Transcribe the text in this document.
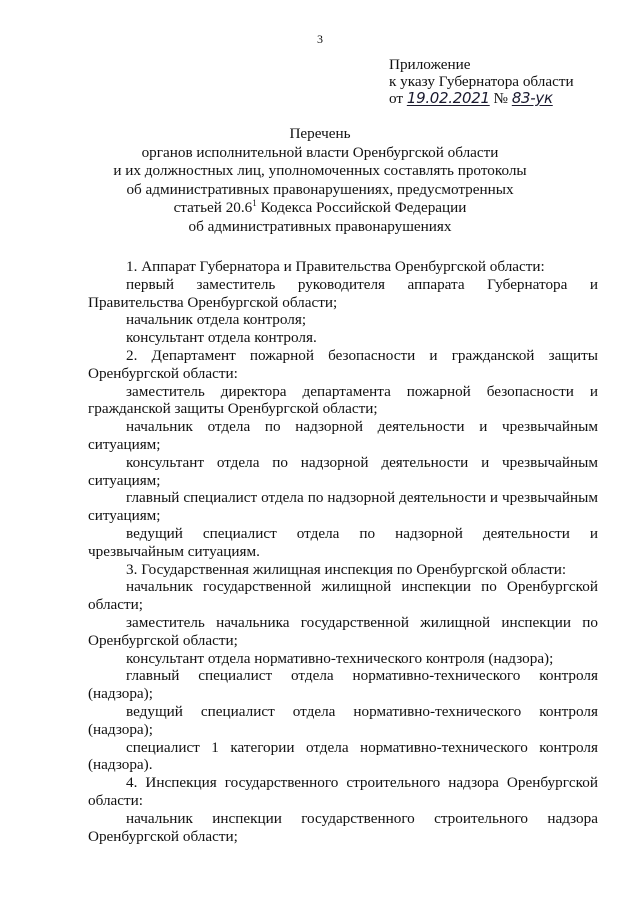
3
Приложение
к указу Губернатора области
от 19.02.2021 № 83-ук
Перечень
органов исполнительной власти Оренбургской области
и их должностных лиц, уполномоченных составлять протоколы
об административных правонарушениях, предусмотренных
статьей 20.6$^1$ Кодекса Российской Федерации
об административных правонарушениях

1. Аппарат Губернатора и Правительства Оренбургской области:

первый заместитель руководителя аппарата Губернатора и Правительства Оренбургской области;

начальник отдела контроля;

консультант отдела контроля.

2. Департамент пожарной безопасности и гражданской защиты Оренбургской области:

заместитель директора департамента пожарной безопасности и гражданской защиты Оренбургской области;

начальник отдела по надзорной деятельности и чрезвычайным ситуациям;

консультант отдела по надзорной деятельности и чрезвычайным ситуациям;

главный специалист отдела по надзорной деятельности и чрезвычайным ситуациям;

ведущий специалист отдела по надзорной деятельности и чрезвычайным ситуациям.

3. Государственная жилищная инспекция по Оренбургской области:

начальник государственной жилищной инспекции по Оренбургской области;

заместитель начальника государственной жилищной инспекции по Оренбургской области;

консультант отдела нормативно-технического контроля (надзора);

главный специалист отдела нормативно-технического контроля (надзора);

ведущий специалист отдела нормативно-технического контроля (надзора);

специалист 1 категории отдела нормативно-технического контроля (надзора).

4. Инспекция государственного строительного надзора Оренбургской области:

начальник инспекции государственного строительного надзора Оренбургской области;
